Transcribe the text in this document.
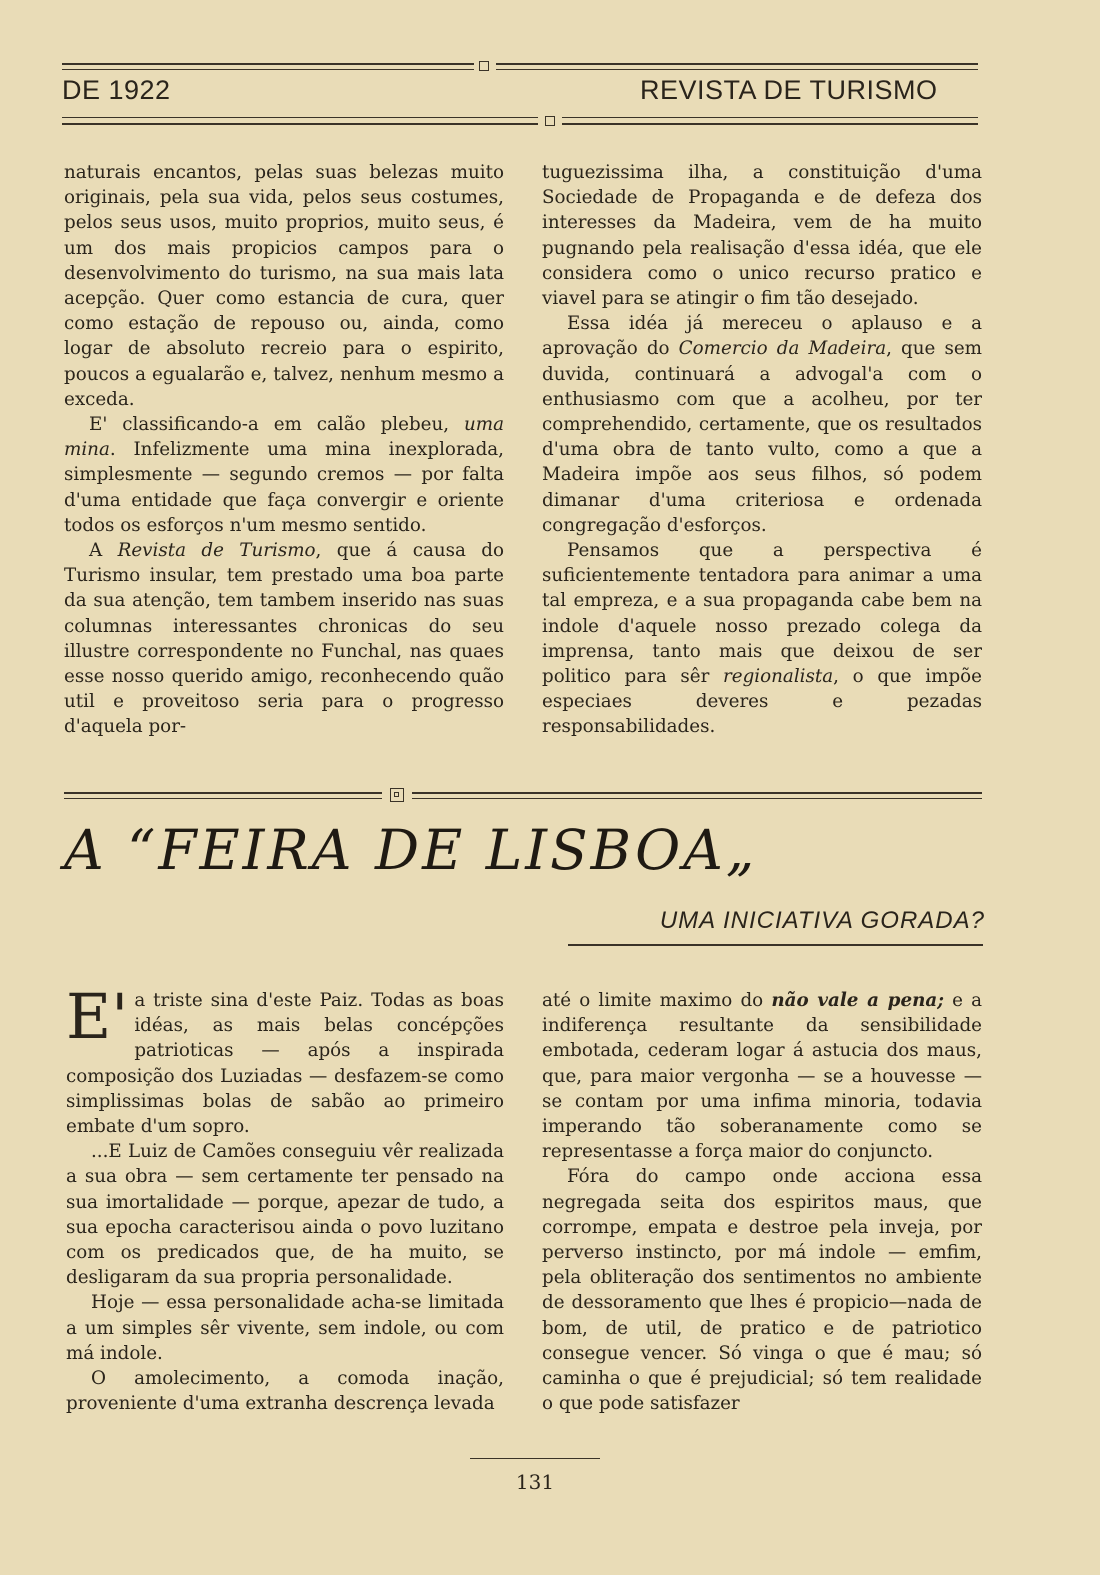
DE 1922	REVISTA DE TURISMO

naturais encantos, pelas suas belezas muito originais, pela sua vida, pelos seus costumes, pelos seus usos, muito proprios, muito seus, é um dos mais propicios campos para o desenvolvimento do turismo, na sua mais lata acepção. Quer como estancia de cura, quer como estação de repouso ou, ainda, como logar de absoluto recreio para o espirito, poucos a egualarão e, talvez, nenhum mesmo a exceda.

E' classificando-a em calão plebeu, uma mina. Infelizmente uma mina inexplorada, simplesmente — segundo cremos — por falta d'uma entidade que faça convergir e oriente todos os esforços n'um mesmo sentido.

A Revista de Turismo, que á causa do Turismo insular, tem prestado uma boa parte da sua atenção, tem tambem inserido nas suas columnas interessantes chronicas do seu illustre correspondente no Funchal, nas quaes esse nosso querido amigo, reconhecendo quão util e proveitoso seria para o progresso d'aquela por-

tuguezissima ilha, a constituição d'uma Sociedade de Propaganda e de defeza dos interesses da Madeira, vem de ha muito pugnando pela realisação d'essa idéa, que ele considera como o unico recurso pratico e viavel para se atingir o fim tão desejado.

Essa idéa já mereceu o aplauso e a aprovação do Comercio da Madeira, que sem duvida, continuará a advogal'a com o enthusiasmo com que a acolheu, por ter comprehendido, certamente, que os resultados d'uma obra de tanto vulto, como a que a Madeira impõe aos seus filhos, só podem dimanar d'uma criteriosa e ordenada congregação d'esforços.

Pensamos que a perspectiva é suficientemente tentadora para animar a uma tal empreza, e a sua propaganda cabe bem na indole d'aquele nosso prezado colega da imprensa, tanto mais que deixou de ser politico para sêr regionalista, o que impõe especiaes deveres e pezadas responsabilidades.

A “FEIRA DE LISBOA„
UMA INICIATIVA GORADA?

E' a triste sina d'este Paiz. Todas as boas idéas, as mais belas concépções patrioticas — após a inspirada composição dos Luziadas — desfazem-se como simplissimas bolas de sabão ao primeiro embate d'um sopro.

...E Luiz de Camões conseguiu vêr realizada a sua obra — sem certamente ter pensado na sua imortalidade — porque, apezar de tudo, a sua epocha caracterisou ainda o povo luzitano com os predicados que, de ha muito, se desligaram da sua propria personalidade.

Hoje — essa personalidade acha-se limitada a um simples sêr vivente, sem indole, ou com má indole.

O amolecimento, a comoda inação, proveniente d'uma extranha descrença levada

até o limite maximo do não vale a pena; e a indiferença resultante da sensibilidade embotada, cederam logar á astucia dos maus, que, para maior vergonha — se a houvesse — se contam por uma infima minoria, todavia imperando tão soberanamente como se representasse a força maior do conjuncto.

Fóra do campo onde acciona essa negregada seita dos espiritos maus, que corrompe, empata e destroe pela inveja, por perverso instincto, por má indole — emfim, pela obliteração dos sentimentos no ambiente de dessoramento que lhes é propicio—nada de bom, de util, de pratico e de patriotico consegue vencer. Só vinga o que é mau; só caminha o que é prejudicial; só tem realidade o que pode satisfazer

131
